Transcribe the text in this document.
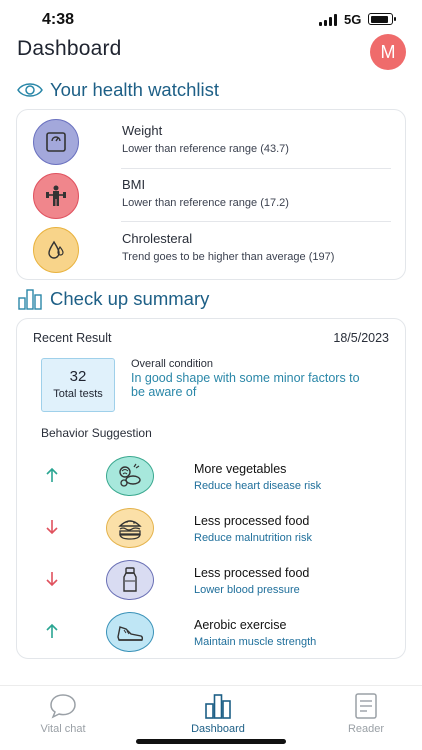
4:38	5G
Dashboard	M
Your health watchlist
Weight
Lower than reference range (43.7)
BMI
Lower than reference range (17.2)
Chrolesteral
Trend goes to be higher than average (197)
Check up summary
Recent Result	18/5/2023
32
Total tests
Overall condition
In good shape with some minor factors to be aware of
Behavior Suggestion
More vegetables
Reduce heart disease risk
Less processed food
Reduce malnutrition risk
Less processed food
Lower blood pressure
Aerobic exercise
Maintain muscle strength
Vital chat	Dashboard	Reader
